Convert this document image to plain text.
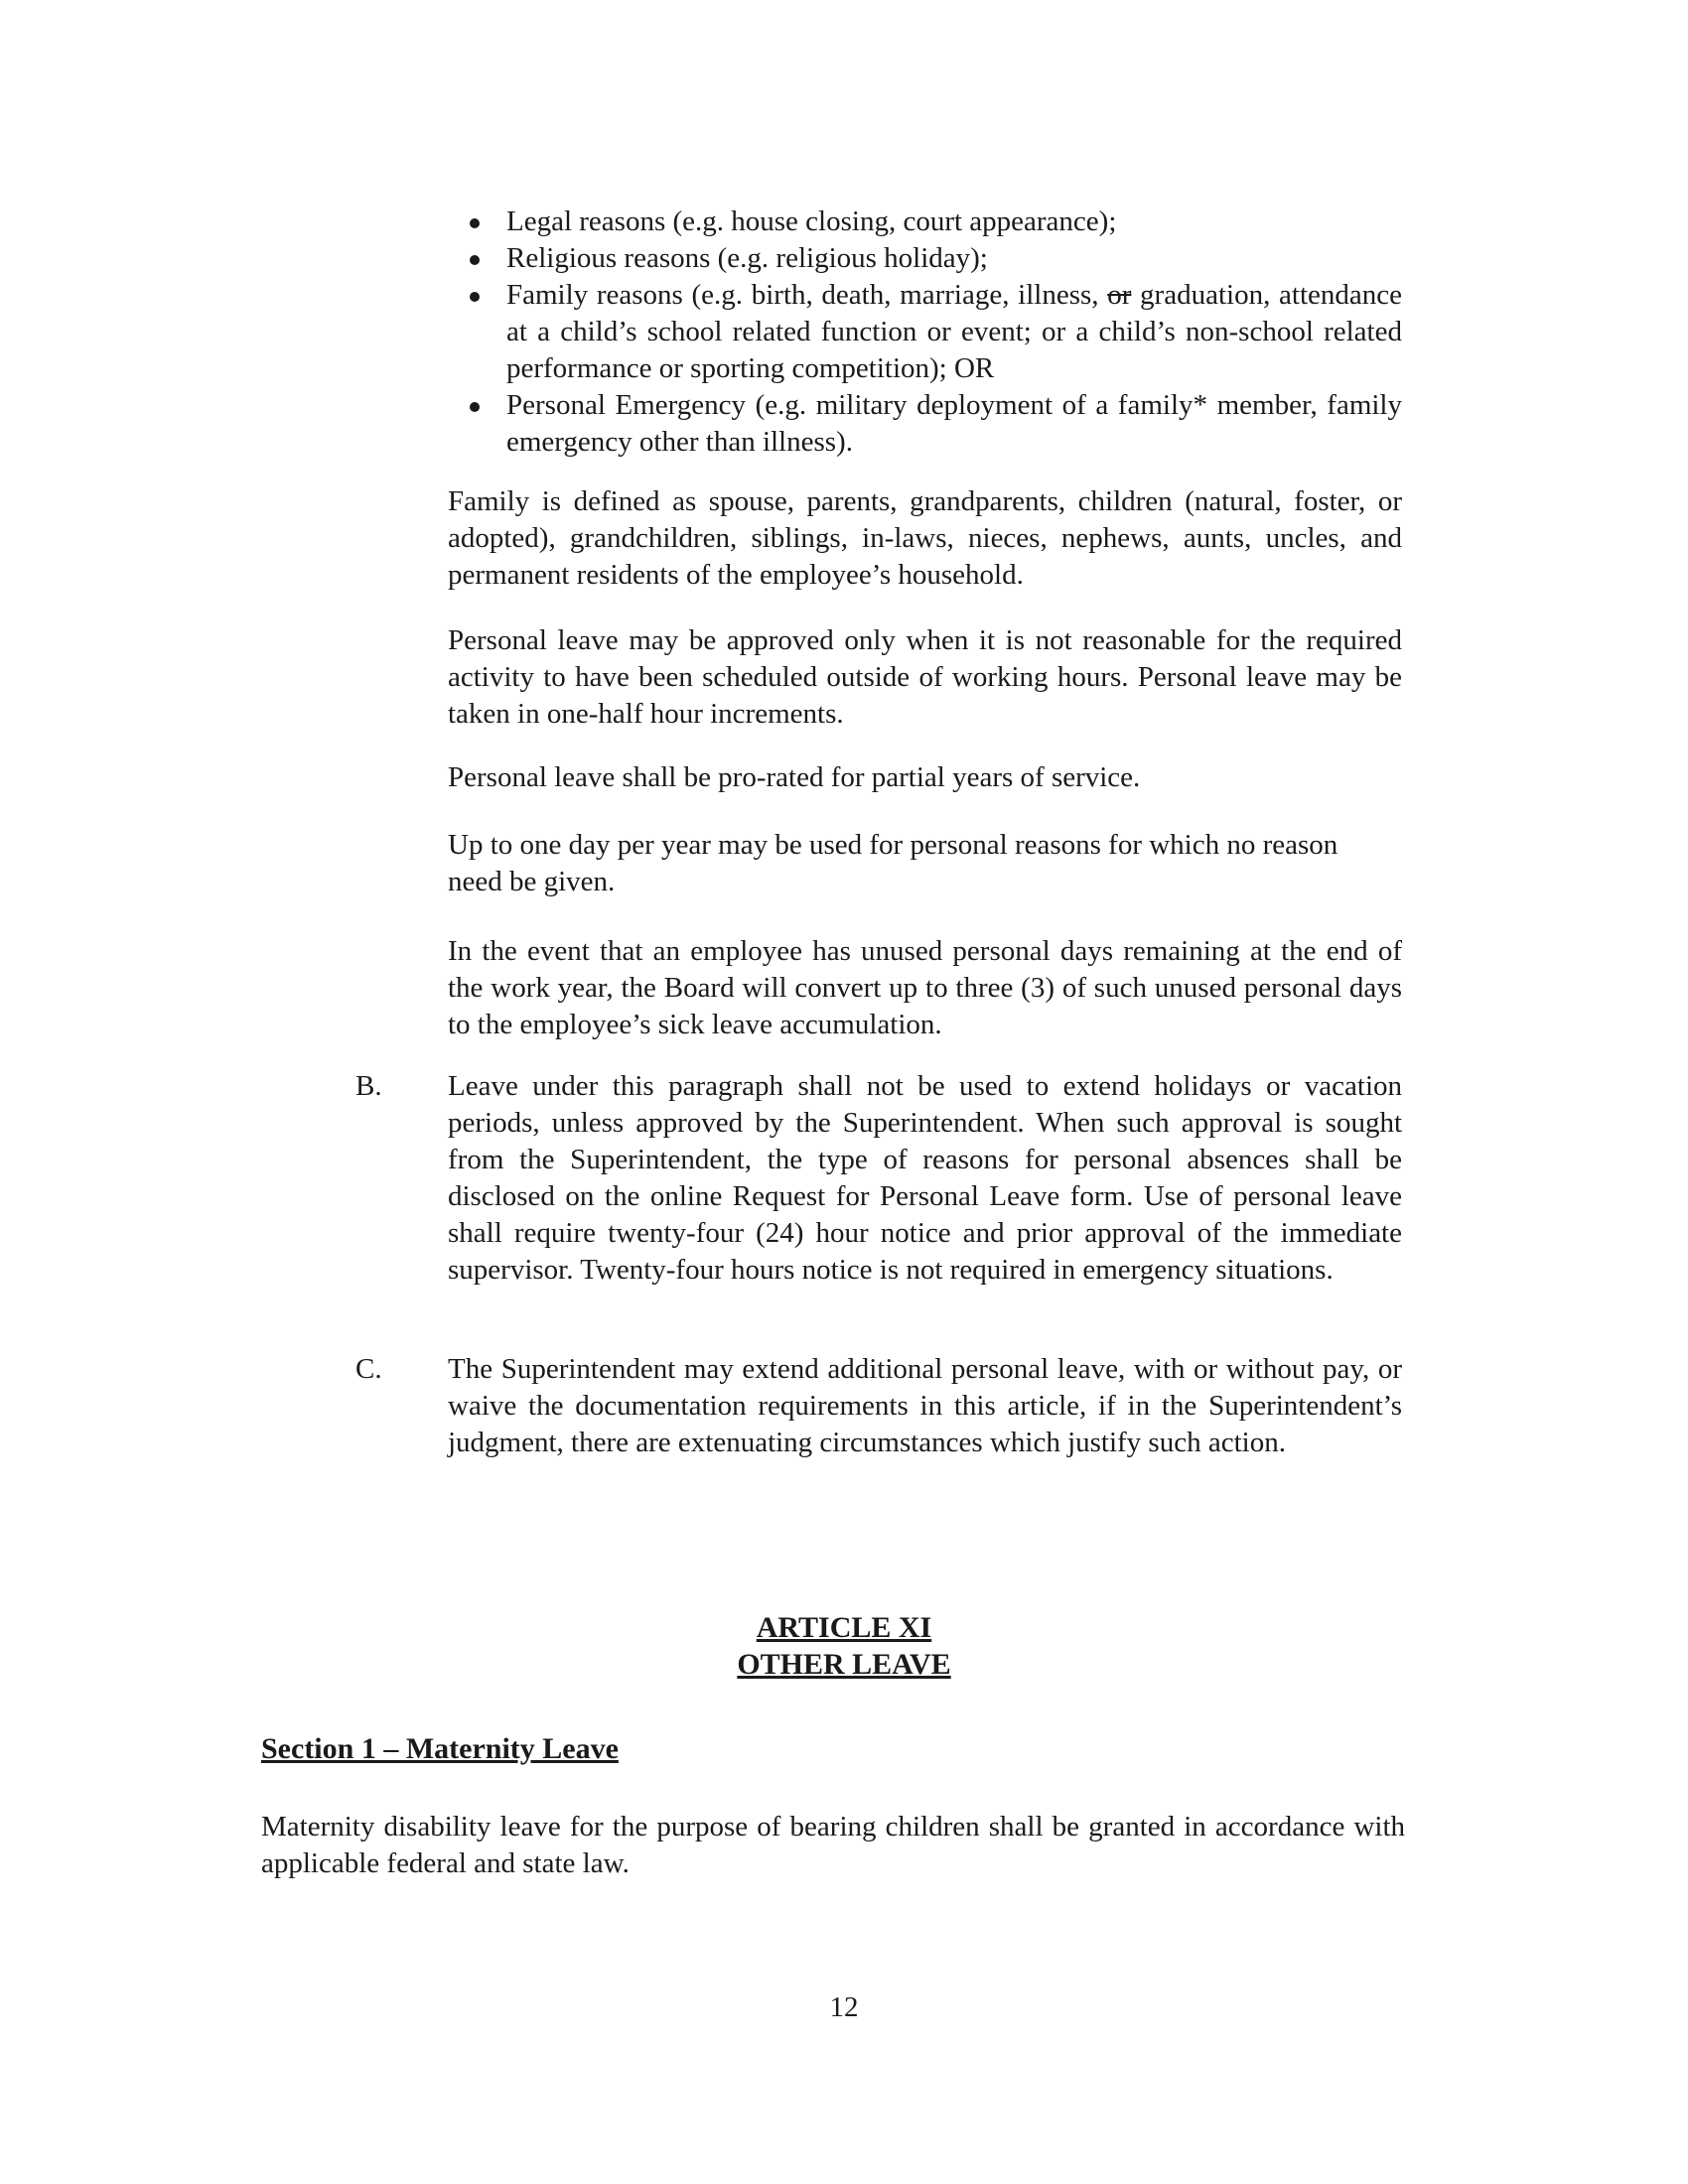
Legal reasons (e.g. house closing, court appearance);
Religious reasons (e.g. religious holiday);
Family reasons (e.g. birth, death, marriage, illness, or graduation, attendance at a child’s school related function or event; or a child’s non-school related performance or sporting competition); OR
Personal Emergency (e.g. military deployment of a family* member, family emergency other than illness).

Family is defined as spouse, parents, grandparents, children (natural, foster, or adopted), grandchildren, siblings, in-laws, nieces, nephews, aunts, uncles, and permanent residents of the employee’s household.

Personal leave may be approved only when it is not reasonable for the required activity to have been scheduled outside of working hours. Personal leave may be taken in one-half hour increments.

Personal leave shall be pro-rated for partial years of service.

Up to one day per year may be used for personal reasons for which no reason need be given.

In the event that an employee has unused personal days remaining at the end of the work year, the Board will convert up to three (3) of such unused personal days to the employee’s sick leave accumulation.

B. Leave under this paragraph shall not be used to extend holidays or vacation periods, unless approved by the Superintendent. When such approval is sought from the Superintendent, the type of reasons for personal absences shall be disclosed on the online Request for Personal Leave form. Use of personal leave shall require twenty-four (24) hour notice and prior approval of the immediate supervisor. Twenty-four hours notice is not required in emergency situations.

C. The Superintendent may extend additional personal leave, with or without pay, or waive the documentation requirements in this article, if in the Superintendent’s judgment, there are extenuating circumstances which justify such action.

ARTICLE XI
OTHER LEAVE
Section 1 – Maternity Leave

Maternity disability leave for the purpose of bearing children shall be granted in accordance with applicable federal and state law.

12
